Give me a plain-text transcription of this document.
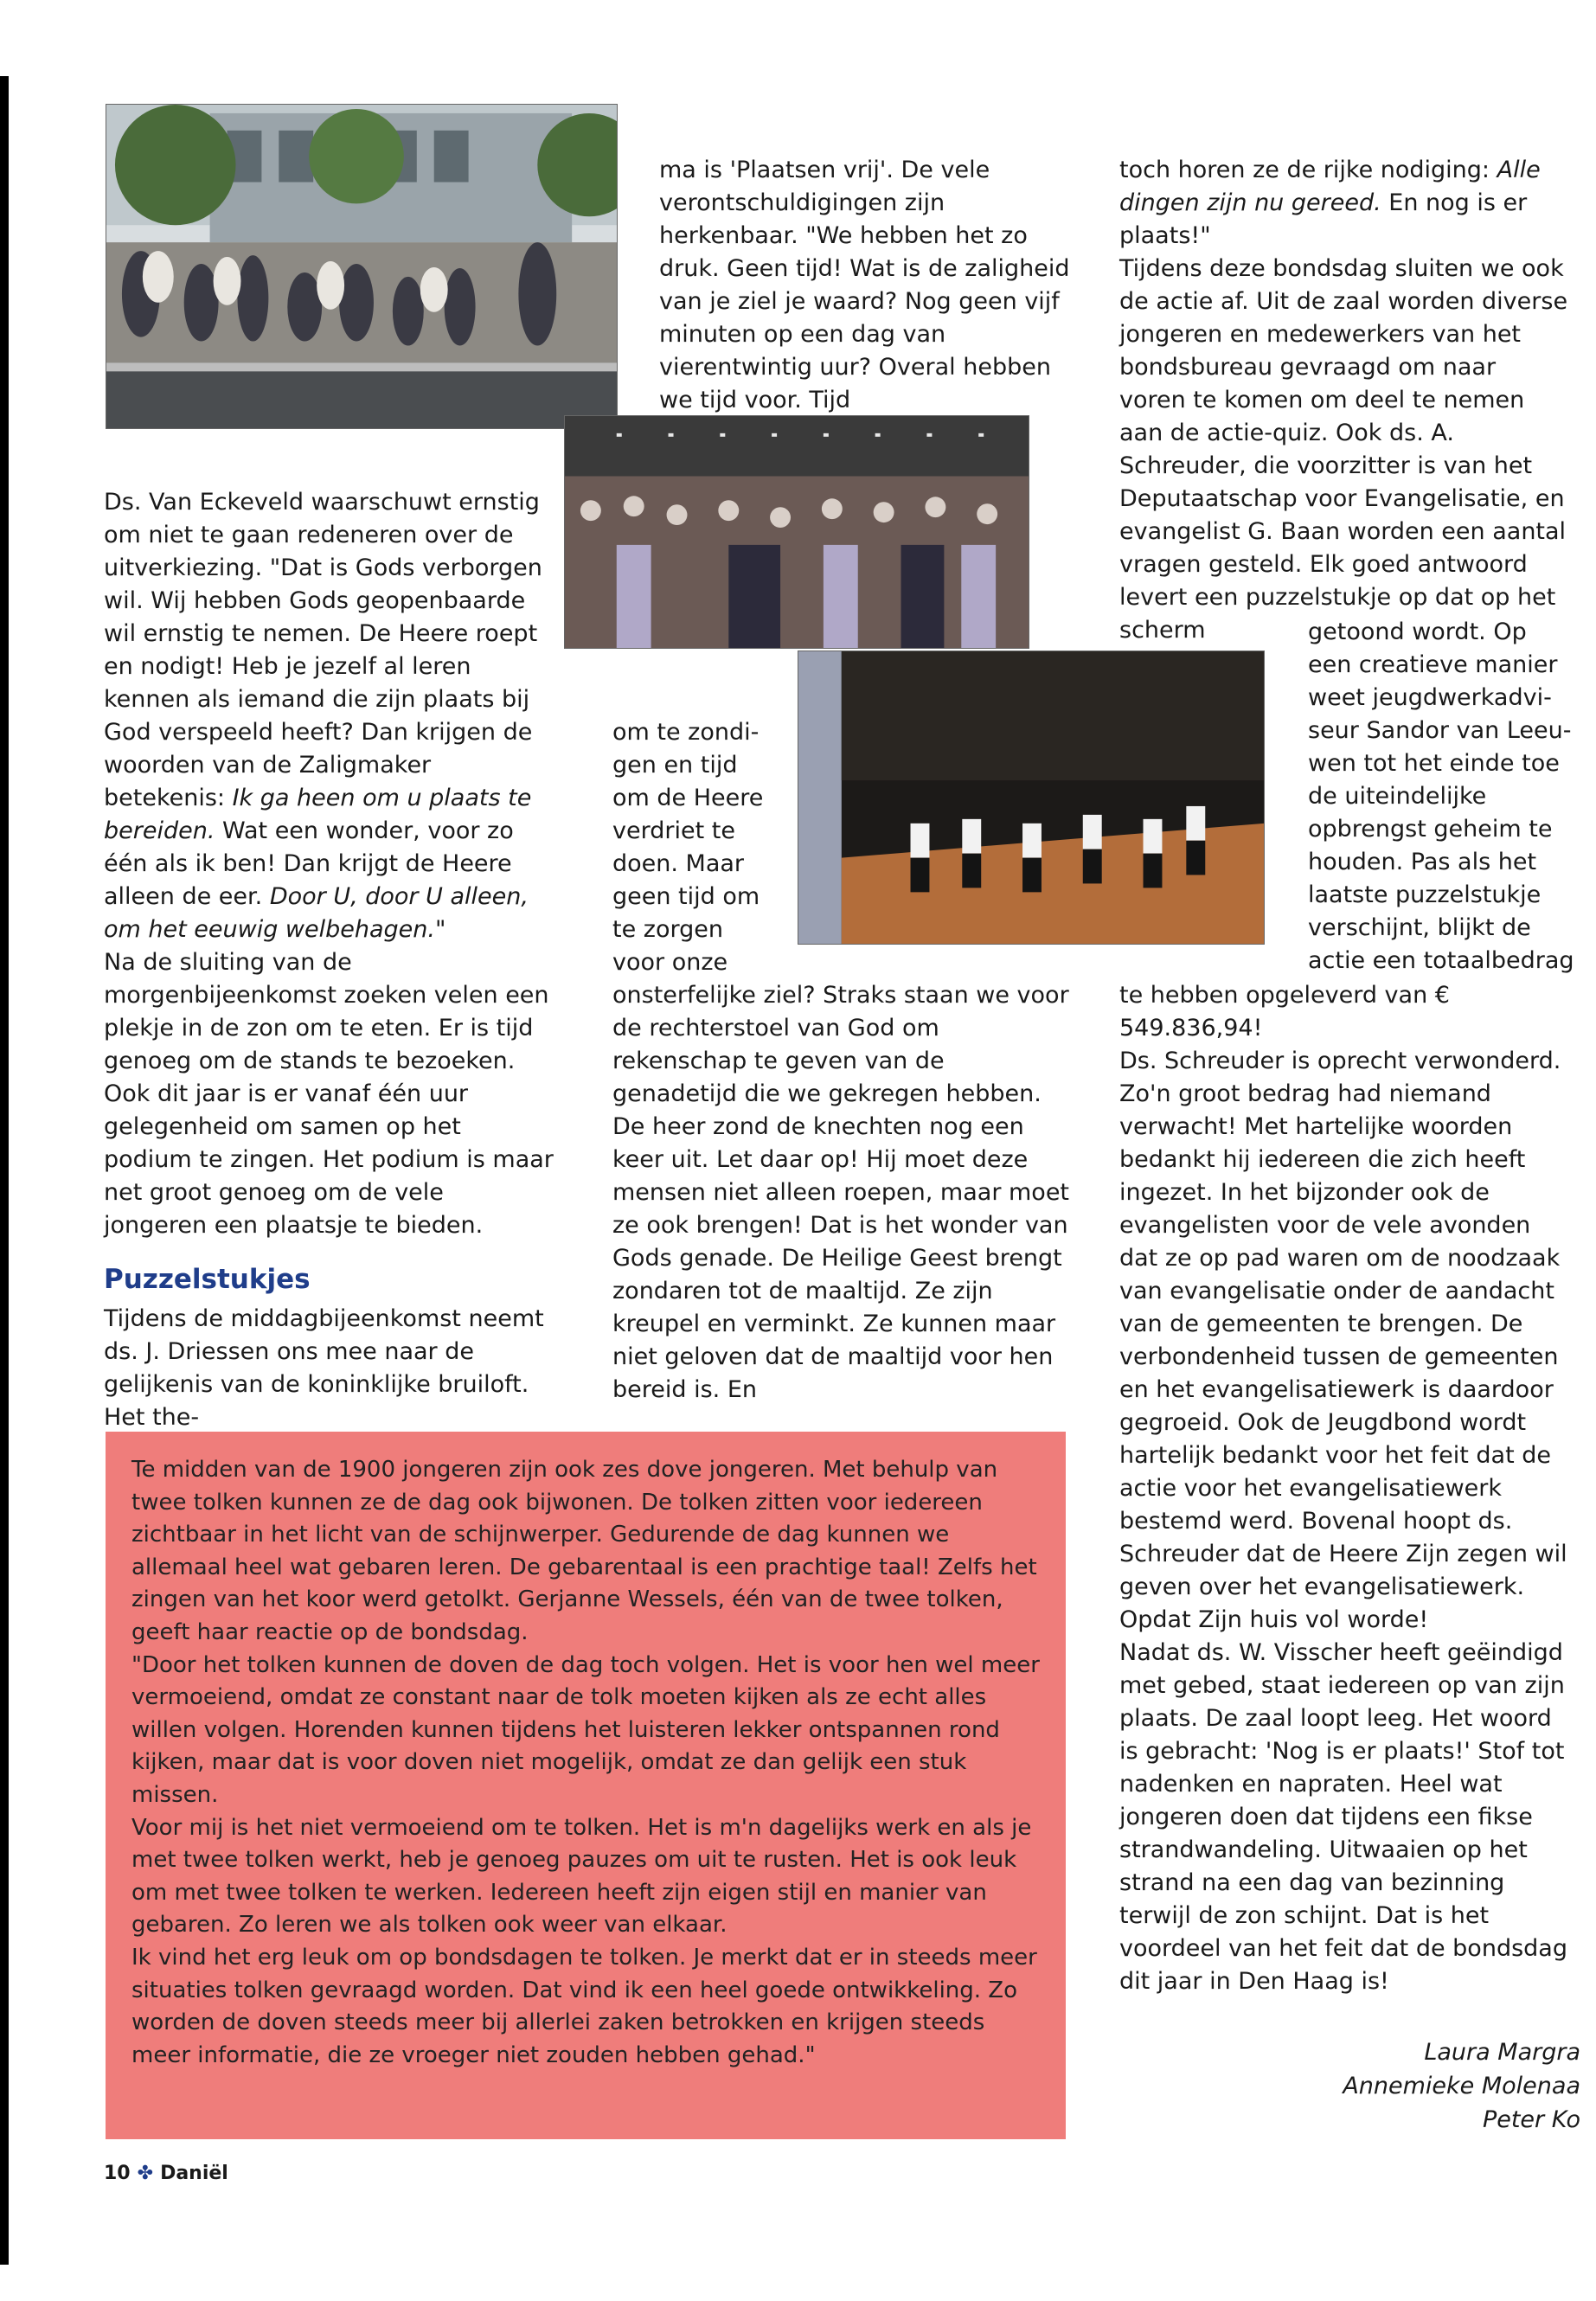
Ds. Van Eckeveld waarschuwt ernstig om niet te gaan redeneren over de uitverkiezing. "Dat is Gods verborgen wil. Wij hebben Gods geopenbaarde wil ernstig te nemen. De Heere roept en nodigt! Heb je jezelf al leren kennen als iemand die zijn plaats bij God verspeeld heeft? Dan krijgen de woorden van de Zaligmaker betekenis: Ik ga heen om u plaats te bereiden. Wat een wonder, voor zo één als ik ben! Dan krijgt de Heere alleen de eer. Door U, door U alleen, om het eeuwig welbehagen."

Na de sluiting van de morgenbijeenkomst zoeken velen een plekje in de zon om te eten. Er is tijd genoeg om de stands te bezoeken. Ook dit jaar is er vanaf één uur gelegenheid om samen op het podium te zingen. Het podium is maar net groot genoeg om de vele jongeren een plaatsje te bieden.

Puzzelstukjes

Tijdens de middagbijeenkomst neemt ds. J. Driessen ons mee naar de gelijkenis van de koninklijke bruiloft. Het the-

ma is 'Plaatsen vrij'. De vele verontschuldigingen zijn herkenbaar. "We hebben het zo druk. Geen tijd! Wat is de zaligheid van je ziel je waard? Nog geen vijf minuten op een dag van vierentwintig uur? Overal hebben we tijd voor. Tijd

om te zondi-
gen en tijd
om de Heere
verdriet te
doen. Maar
geen tijd om
te zorgen
voor onze

onsterfelijke ziel? Straks staan we voor de rechterstoel van God om rekenschap te geven van de genadetijd die we gekregen hebben. De heer zond de knechten nog een keer uit. Let daar op! Hij moet deze mensen niet alleen roepen, maar moet ze ook brengen! Dat is het wonder van Gods genade. De Heilige Geest brengt zondaren tot de maaltijd. Ze zijn kreupel en verminkt. Ze kunnen maar niet geloven dat de maaltijd voor hen bereid is. En

toch horen ze de rijke nodiging: Alle dingen zijn nu gereed. En nog is er plaats!"

Tijdens deze bondsdag sluiten we ook de actie af. Uit de zaal worden diverse jongeren en medewerkers van het bondsbureau gevraagd om naar voren te komen om deel te nemen aan de actie-quiz. Ook ds. A. Schreuder, die voorzitter is van het Deputaatschap voor Evangelisatie, en evangelist G. Baan worden een aantal vragen gesteld. Elk goed antwoord levert een puzzelstukje op dat op het scherm	getoond wordt. Op
een creatieve manier
weet jeugdwerkadvi-
seur Sandor van Leeu-
wen tot het einde toe
de uiteindelijke
opbrengst geheim te
houden. Pas als het
laatste puzzelstukje
verschijnt, blijkt de
actie een totaalbedrag

te hebben opgeleverd van € 549.836,94!

Ds. Schreuder is oprecht verwonderd. Zo'n groot bedrag had niemand verwacht! Met hartelijke woorden bedankt hij iedereen die zich heeft ingezet. In het bijzonder ook de evangelisten voor de vele avonden dat ze op pad waren om de noodzaak van evangelisatie onder de aandacht van de gemeenten te brengen. De verbondenheid tussen de gemeenten en het evangelisatiewerk is daardoor gegroeid. Ook de Jeugdbond wordt hartelijk bedankt voor het feit dat de actie voor het evangelisatiewerk bestemd werd. Bovenal hoopt ds. Schreuder dat de Heere Zijn zegen wil geven over het evangelisatiewerk. Opdat Zijn huis vol worde!

Nadat ds. W. Visscher heeft geëindigd met gebed, staat iedereen op van zijn plaats. De zaal loopt leeg. Het woord is gebracht: 'Nog is er plaats!' Stof tot nadenken en napraten. Heel wat jongeren doen dat tijdens een fikse strandwandeling. Uitwaaien op het strand na een dag van bezinning terwijl de zon schijnt. Dat is het voordeel van het feit dat de bondsdag dit jaar in Den Haag is!

Te midden van de 1900 jongeren zijn ook zes dove jongeren. Met behulp van twee tolken kunnen ze de dag ook bijwonen. De tolken zitten voor iedereen zichtbaar in het licht van de schijnwerper. Gedurende de dag kunnen we allemaal heel wat gebaren leren. De gebarentaal is een prachtige taal! Zelfs het zingen van het koor werd getolkt. Gerjanne Wessels, één van de twee tolken, geeft haar reactie op de bondsdag.

"Door het tolken kunnen de doven de dag toch volgen. Het is voor hen wel meer vermoeiend, omdat ze constant naar de tolk moeten kijken als ze echt alles willen volgen. Horenden kunnen tijdens het luisteren lekker ontspannen rond kijken, maar dat is voor doven niet mogelijk, omdat ze dan gelijk een stuk missen.

Voor mij is het niet vermoeiend om te tolken. Het is m'n dagelijks werk en als je met twee tolken werkt, heb je genoeg pauzes om uit te rusten. Het is ook leuk om met twee tolken te werken. Iedereen heeft zijn eigen stijl en manier van gebaren. Zo leren we als tolken ook weer van elkaar.

Ik vind het erg leuk om op bondsdagen te tolken. Je merkt dat er in steeds meer situaties tolken gevraagd worden. Dat vind ik een heel goede ontwikkeling. Zo worden de doven steeds meer bij allerlei zaken betrokken en krijgen steeds meer informatie, die ze vroeger niet zouden hebben gehad."	Laura Margra
Annemieke Molenaa
Peter Ko
10 ✤ Daniël
